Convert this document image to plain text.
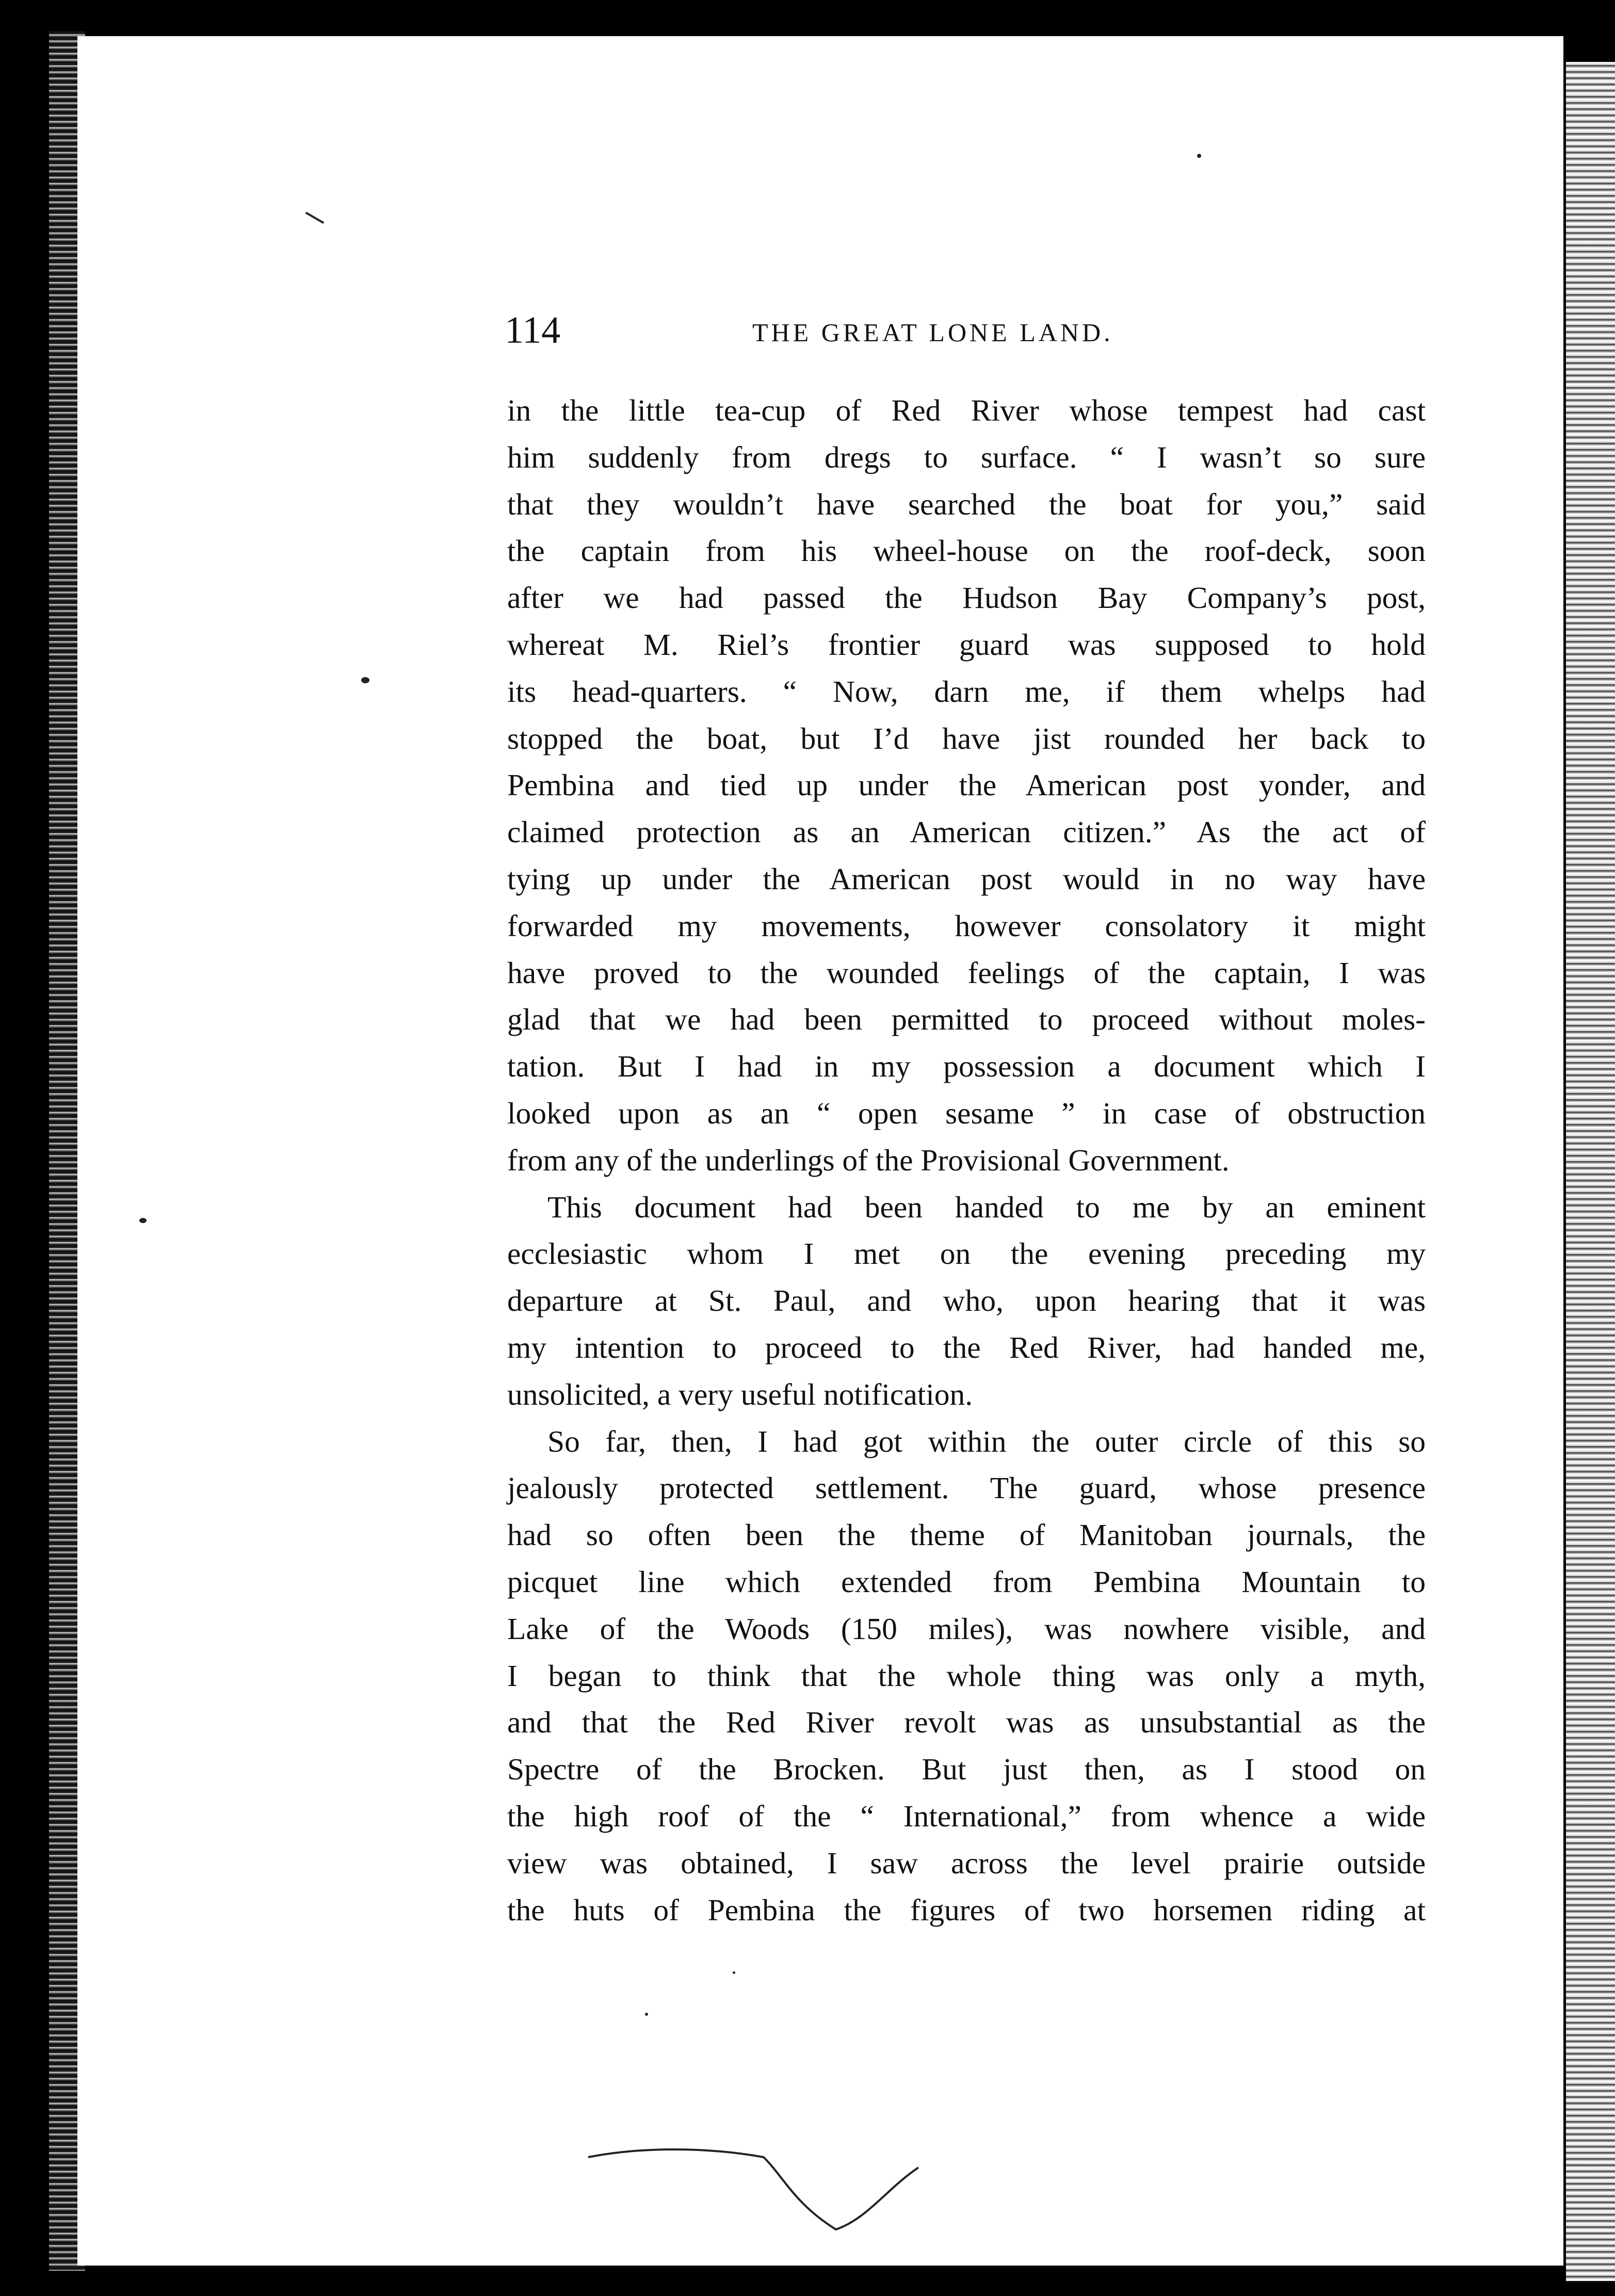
114	THE GREAT LONE LAND.
in the little tea-cup of Red River whose tempest had cast
him suddenly from dregs to surface. “ I wasn’t so sure
that they wouldn’t have searched the boat for you,” said
the captain from his wheel-house on the roof-deck, soon
after we had passed the Hudson Bay Company’s post,
whereat M. Riel’s frontier guard was supposed to hold
its head-quarters. “ Now, darn me, if them whelps had
stopped the boat, but I’d have jist rounded her back to
Pembina and tied up under the American post yonder, and
claimed protection as an American citizen.” As the act of
tying up under the American post would in no way have
forwarded my movements, however consolatory it might
have proved to the wounded feelings of the captain, I was
glad that we had been permitted to proceed without moles-
tation. But I had in my possession a document which I
looked upon as an “ open sesame ” in case of obstruction
from any of the underlings of the Provisional Government.
This document had been handed to me by an eminent
ecclesiastic whom I met on the evening preceding my
departure at St. Paul, and who, upon hearing that it was
my intention to proceed to the Red River, had handed me,
unsolicited, a very useful notification.
So far, then, I had got within the outer circle of this so
jealously protected settlement. The guard, whose presence
had so often been the theme of Manitoban journals, the
picquet line which extended from Pembina Mountain to
Lake of the Woods (150 miles), was nowhere visible, and
I began to think that the whole thing was only a myth,
and that the Red River revolt was as unsubstantial as the
Spectre of the Brocken. But just then, as I stood on
the high roof of the “ International,” from whence a wide
view was obtained, I saw across the level prairie outside
the huts of Pembina the figures of two horsemen riding at
